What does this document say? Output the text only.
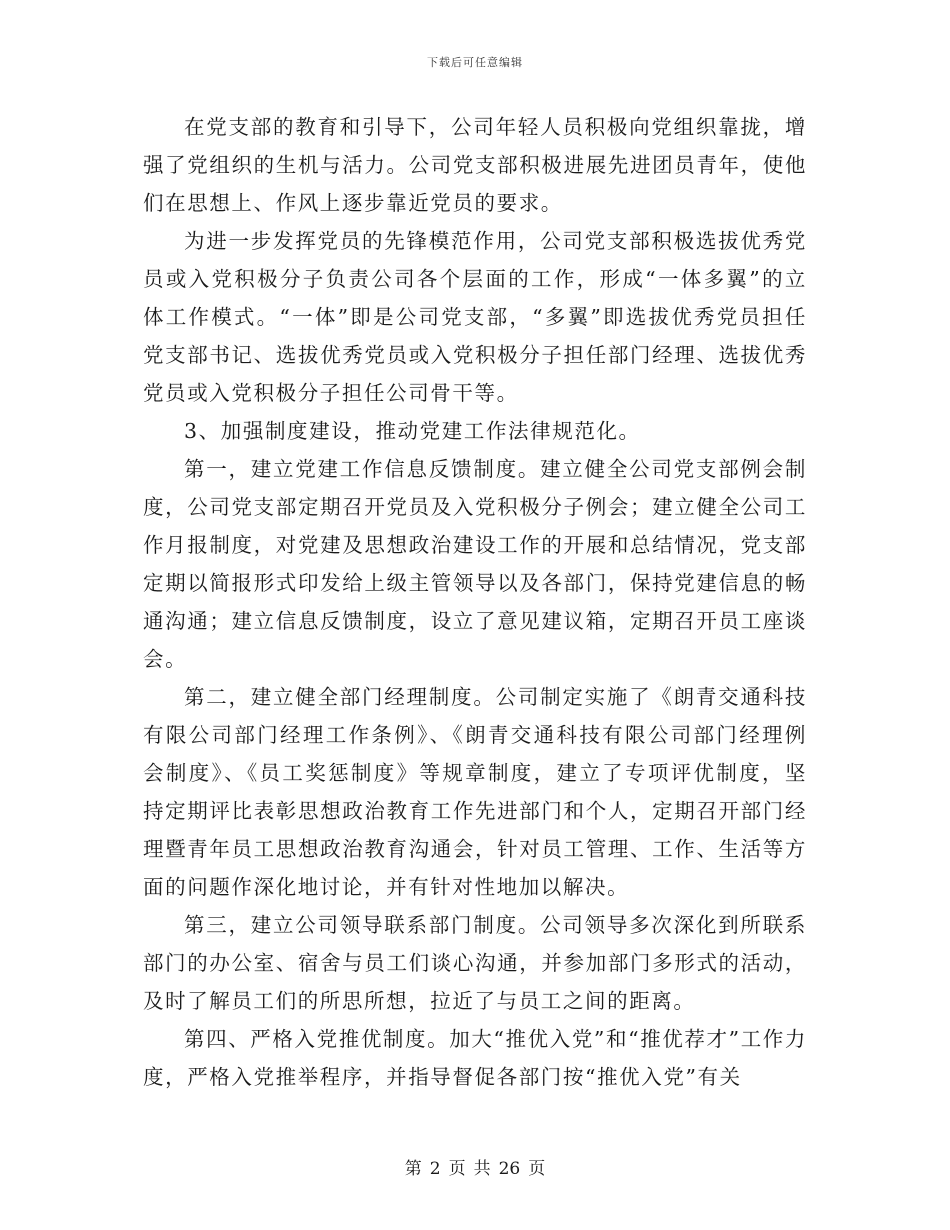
下载后可任意编辑

在党支部的教育和引导下，公司年轻人员积极向党组织靠拢，增强了党组织的生机与活力。公司党支部积极进展先进团员青年，使他们在思想上、作风上逐步靠近党员的要求。

为进一步发挥党员的先锋模范作用，公司党支部积极选拔优秀党员或入党积极分子负责公司各个层面的工作，形成“一体多翼”的立体工作模式。“一体”即是公司党支部，“多翼”即选拔优秀党员担任党支部书记、选拔优秀党员或入党积极分子担任部门经理、选拔优秀党员或入党积极分子担任公司骨干等。

3、加强制度建设，推动党建工作法律规范化。

第一，建立党建工作信息反馈制度。建立健全公司党支部例会制度，公司党支部定期召开党员及入党积极分子例会；建立健全公司工作月报制度，对党建及思想政治建设工作的开展和总结情况，党支部定期以简报形式印发给上级主管领导以及各部门，保持党建信息的畅通沟通；建立信息反馈制度，设立了意见建议箱，定期召开员工座谈会。

第二，建立健全部门经理制度。公司制定实施了《朗青交通科技有限公司部门经理工作条例》、《朗青交通科技有限公司部门经理例会制度》、《员工奖惩制度》等规章制度，建立了专项评优制度，坚持定期评比表彰思想政治教育工作先进部门和个人，定期召开部门经理暨青年员工思想政治教育沟通会，针对员工管理、工作、生活等方面的问题作深化地讨论，并有针对性地加以解决。

第三，建立公司领导联系部门制度。公司领导多次深化到所联系部门的办公室、宿舍与员工们谈心沟通，并参加部门多形式的活动，及时了解员工们的所思所想，拉近了与员工之间的距离。

第四、严格入党推优制度。加大“推优入党”和“推优荐才”工作力度，严格入党推举程序，并指导督促各部门按“推优入党”有关

第 2 页 共 26 页
